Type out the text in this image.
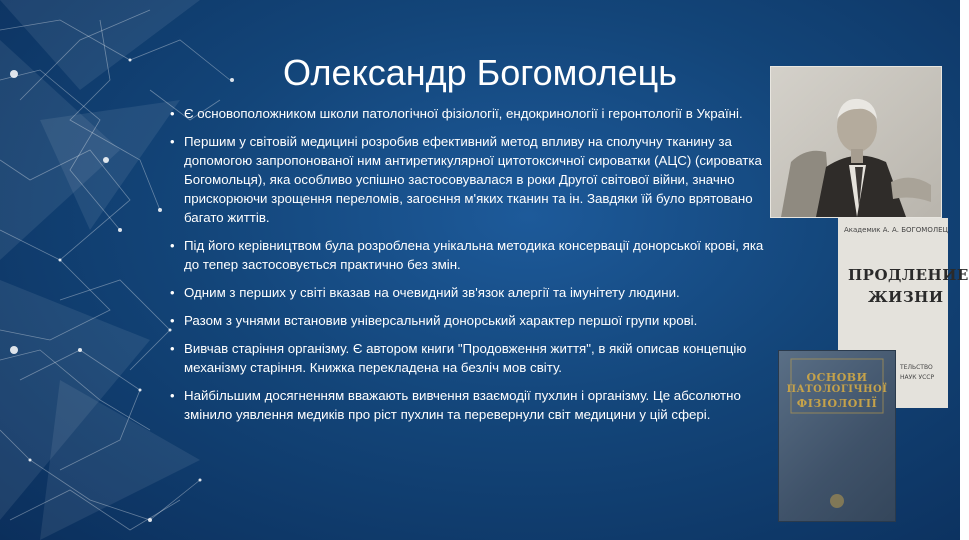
Олександр Богомолець
• Є основоположником школи патологічної фізіології, ендокринології і геронтології в Україні.
• Першим у світовій медицині розробив ефективний метод впливу на сполучну тканину за допомогою запропонованої ним антиретикулярної цитотоксичної сироватки (АЦС) (сироватка Богомольця), яка особливо успішно застосовувалася в роки Другої світової війни, значно прискорюючи зрощення переломів, загоєння м'яких тканин та ін. Завдяки їй було врятовано багато життів.
• Під його керівництвом була розроблена унікальна методика консервації донорської крові, яка до тепер застосовується практично без змін.
• Одним з перших у світі вказав на очевидний зв'язок алергії та імунітету людини.
• Разом з учнями встановив універсальний донорський характер першої групи крові.
• Вивчав старіння організму. Є автором книги "Продовження життя", в якій описав концепцію механізму старіння. Книжка перекладена на безліч мов світу.
• Найбільшим досягненням вважають вивчення взаємодії пухлин і організму. Це абсолютно змінило уявлення медиків про ріст пухлин та перевернули світ медицини у цій сфері.
Академик А. А. БОГОМОЛЕЦ
ПРОДЛЕНИЕ
ЖИЗНИ
ТЕЛЬСТВО
НАУК УССР
ОСНОВИ
ПАТОЛОГІЧНОЇ
ФІЗІОЛОГІЇ
